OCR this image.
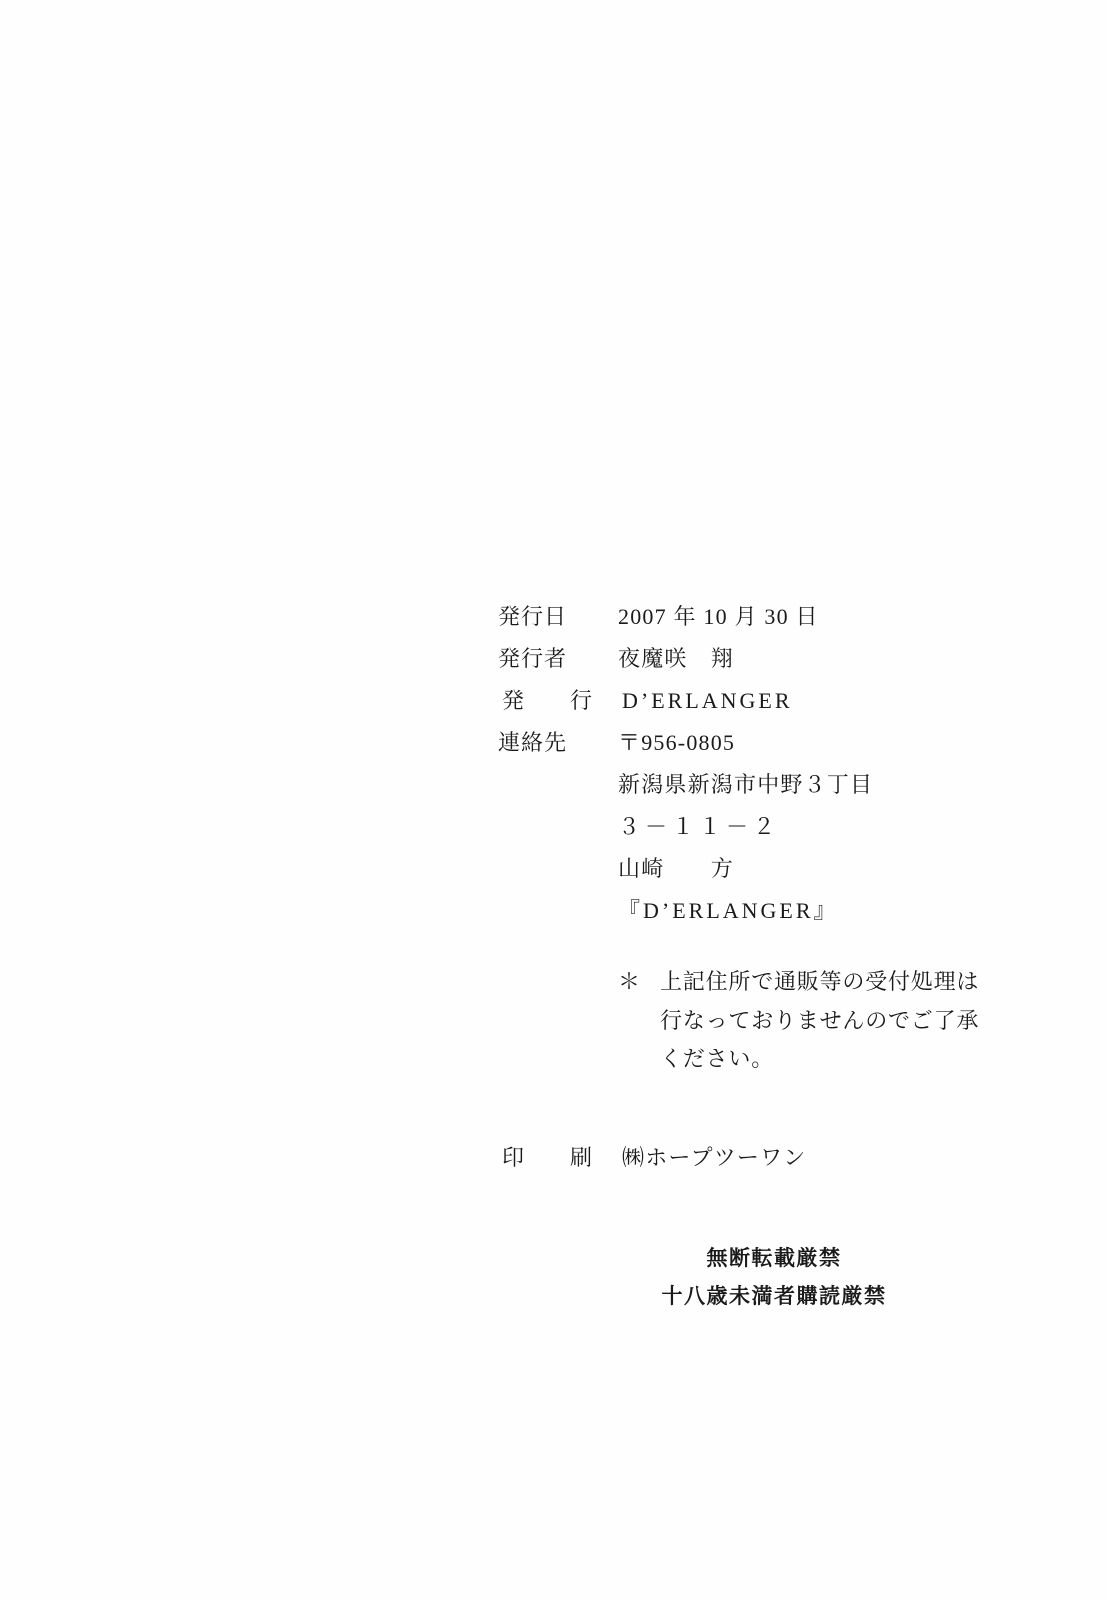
発行日	2007 年 10 月 30 日
発行者	夜魔咲　翔
発　行 D’ERLANGER
連絡先	〒956-0805
新潟県新潟市中野３丁目
３－１１－２
山崎　　方
『D’ERLANGER』
＊ 上記住所で通販等の受付処理は
行なっておりませんのでご了承
ください。
印　刷 ㈱ホープツーワン
無断転載厳禁
十八歳未満者購読厳禁
